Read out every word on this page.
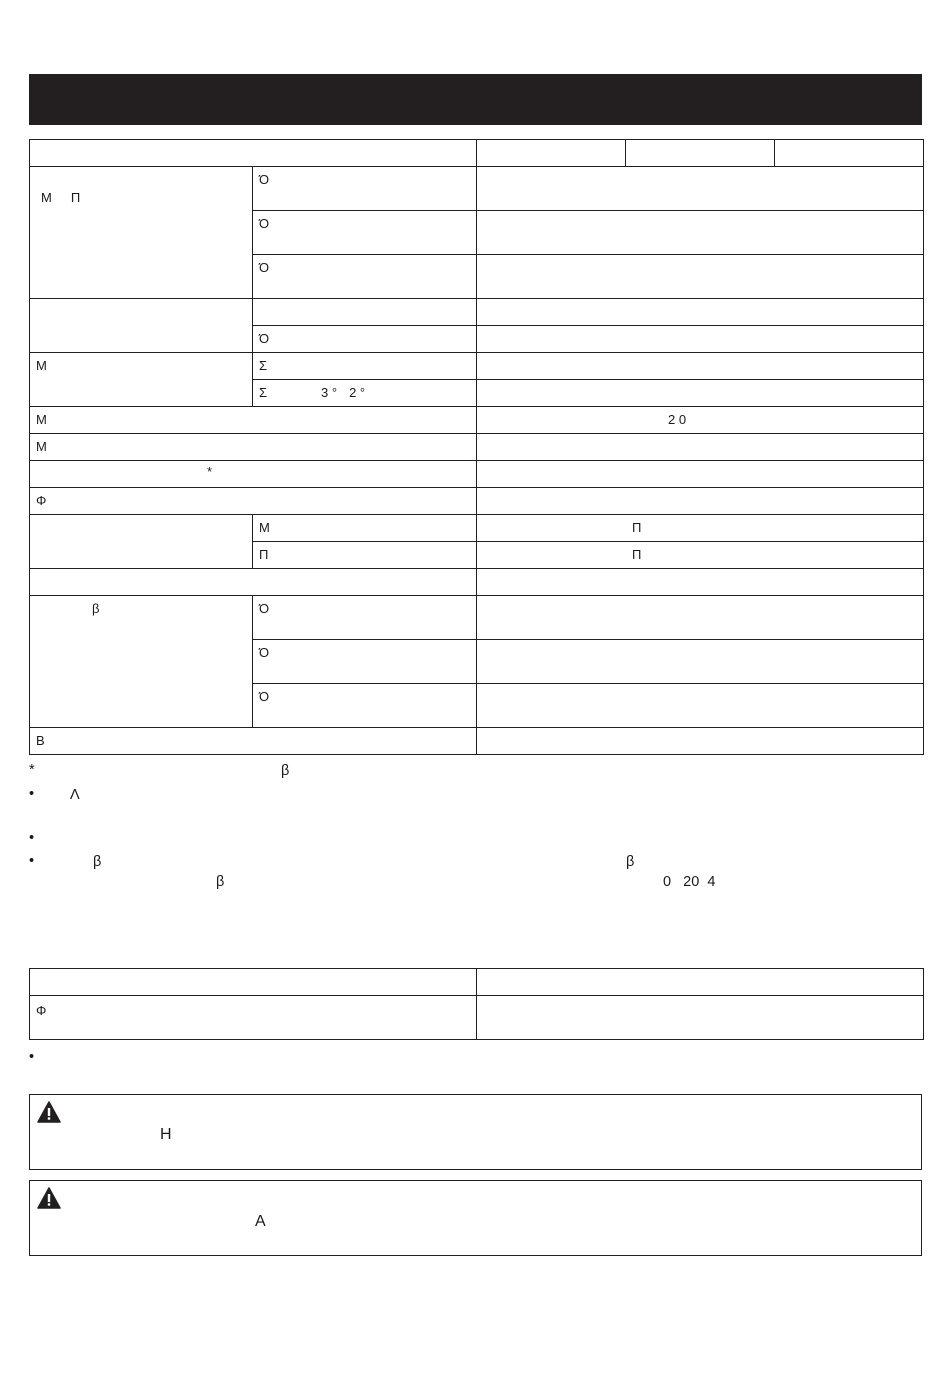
Μ Π	Ό			
	Ό			
	Ό			

	Ό			
Μ	Σ			
	Σ 3 ° 2 °			
Μ		2 0		
Μ				
*				
Φ				
	Μ	Π		
	Π	Π		

β	Ό			
	Ό			
	Ό			
Β				
*	β
• Λ
•
•	β	β
β	0   20  4

Φ	
•
Η
Α
